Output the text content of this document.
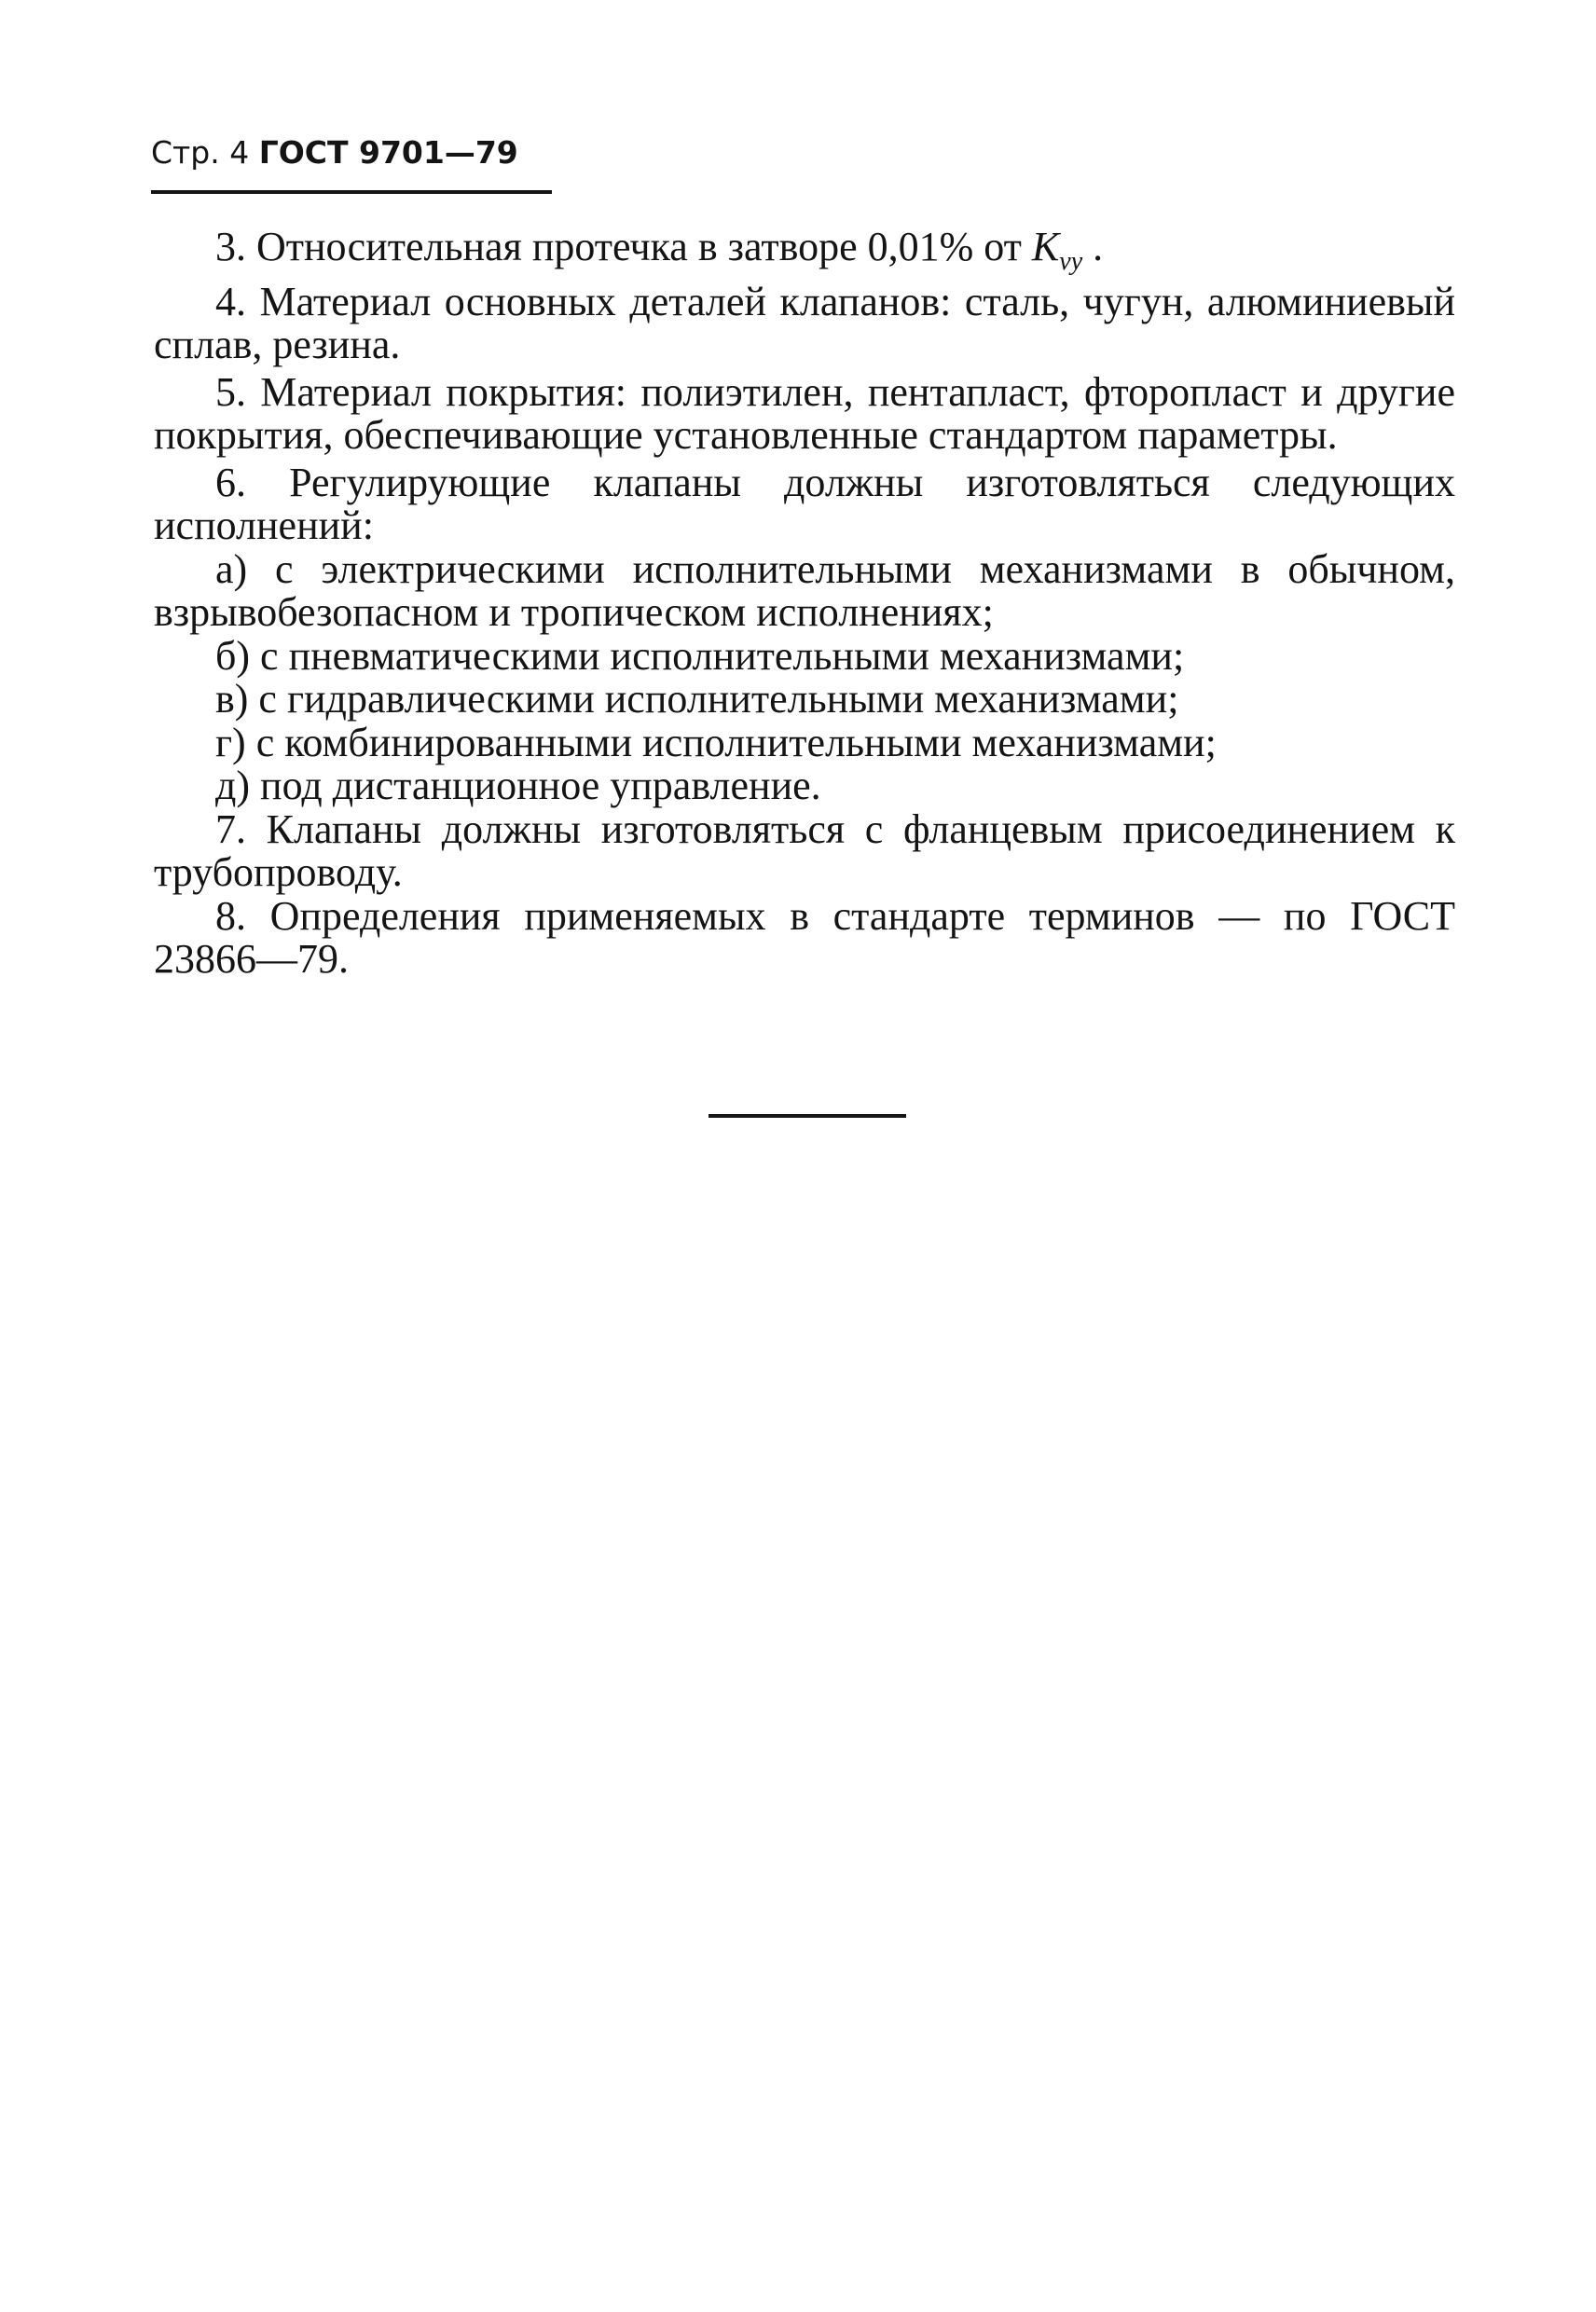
Стр. 4 ГОСТ 9701—79

3. Относительная протечка в затворе 0,01% от $K_{vy}$ .

4. Материал основных деталей клапанов: сталь, чугун, алюминиевый сплав, резина.

5. Материал покрытия: полиэтилен, пентапласт, фторопласт и другие покрытия, обеспечивающие установленные стандартом параметры.

6. Регулирующие клапаны должны изготовляться следующих исполнений:

а) с электрическими исполнительными механизмами в обычном, взрывобезопасном и тропическом исполнениях;

б) с пневматическими исполнительными механизмами;

в) с гидравлическими исполнительными механизмами;

г) с комбинированными исполнительными механизмами;

д) под дистанционное управление.

7. Клапаны должны изготовляться с фланцевым присоединением к трубопроводу.

8. Определения применяемых в стандарте терминов — по ГОСТ 23866—79.
